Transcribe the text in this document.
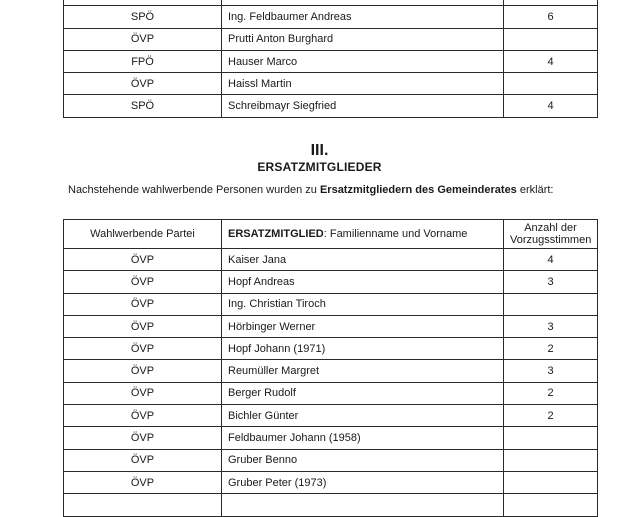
SPÖ	Ing. Feldbaumer Andreas	6
ÖVP	Prutti Anton Burghard	
FPÖ	Hauser Marco	4
ÖVP	Haissl Martin	
SPÖ	Schreibmayr Siegfried	4
III.
ERSATZMITGLIEDER
Nachstehende wahlwerbende Personen wurden zu Ersatzmitgliedern des Gemeinderates erklärt:
Wahlwerbende Partei	ERSATZMITGLIED: Familienname und Vorname	Anzahl der Vorzugsstimmen
ÖVP	Kaiser Jana	4
ÖVP	Hopf Andreas	3
ÖVP	Ing. Christian Tiroch	
ÖVP	Hörbinger Werner	3
ÖVP	Hopf Johann (1971)	2
ÖVP	Reumüller Margret	3
ÖVP	Berger Rudolf	2
ÖVP	Bichler Günter	2
ÖVP	Feldbaumer Johann (1958)	
ÖVP	Gruber Benno	
ÖVP	Gruber Peter (1973)	
